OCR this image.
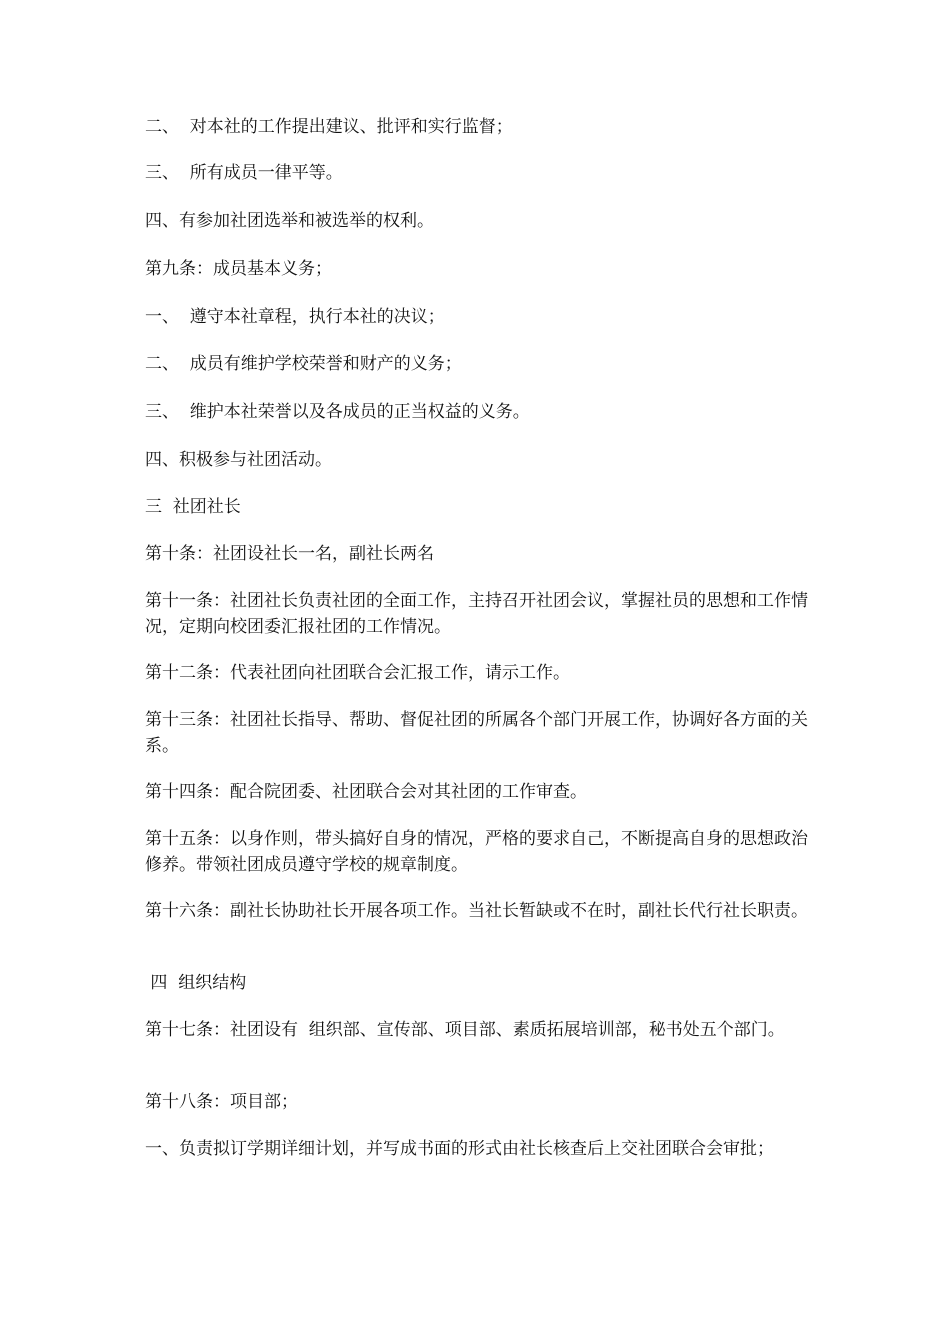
二、  对本社的工作提出建议、批评和实行监督；

三、  所有成员一律平等。

四、有参加社团选举和被选举的权利。

第九条：成员基本义务；

一、  遵守本社章程，执行本社的决议；

二、  成员有维护学校荣誉和财产的义务；

三、  维护本社荣誉以及各成员的正当权益的义务。

四、积极参与社团活动。

三  社团社长

第十条：社团设社长一名，副社长两名

第十一条：社团社长负责社团的全面工作，主持召开社团会议，掌握社员的思想和工作情况，定期向校团委汇报社团的工作情况。

第十二条：代表社团向社团联合会汇报工作，请示工作。

第十三条：社团社长指导、帮助、督促社团的所属各个部门开展工作，协调好各方面的关系。

第十四条：配合院团委、社团联合会对其社团的工作审查。

第十五条：以身作则，带头搞好自身的情况，严格的要求自己，不断提高自身的思想政治修养。带领社团成员遵守学校的规章制度。

第十六条：副社长协助社长开展各项工作。当社长暂缺或不在时，副社长代行社长职责。

四  组织结构

第十七条：社团设有  组织部、宣传部、项目部、素质拓展培训部，秘书处五个部门。

第十八条：项目部；

一、负责拟订学期详细计划，并写成书面的形式由社长核查后上交社团联合会审批；
